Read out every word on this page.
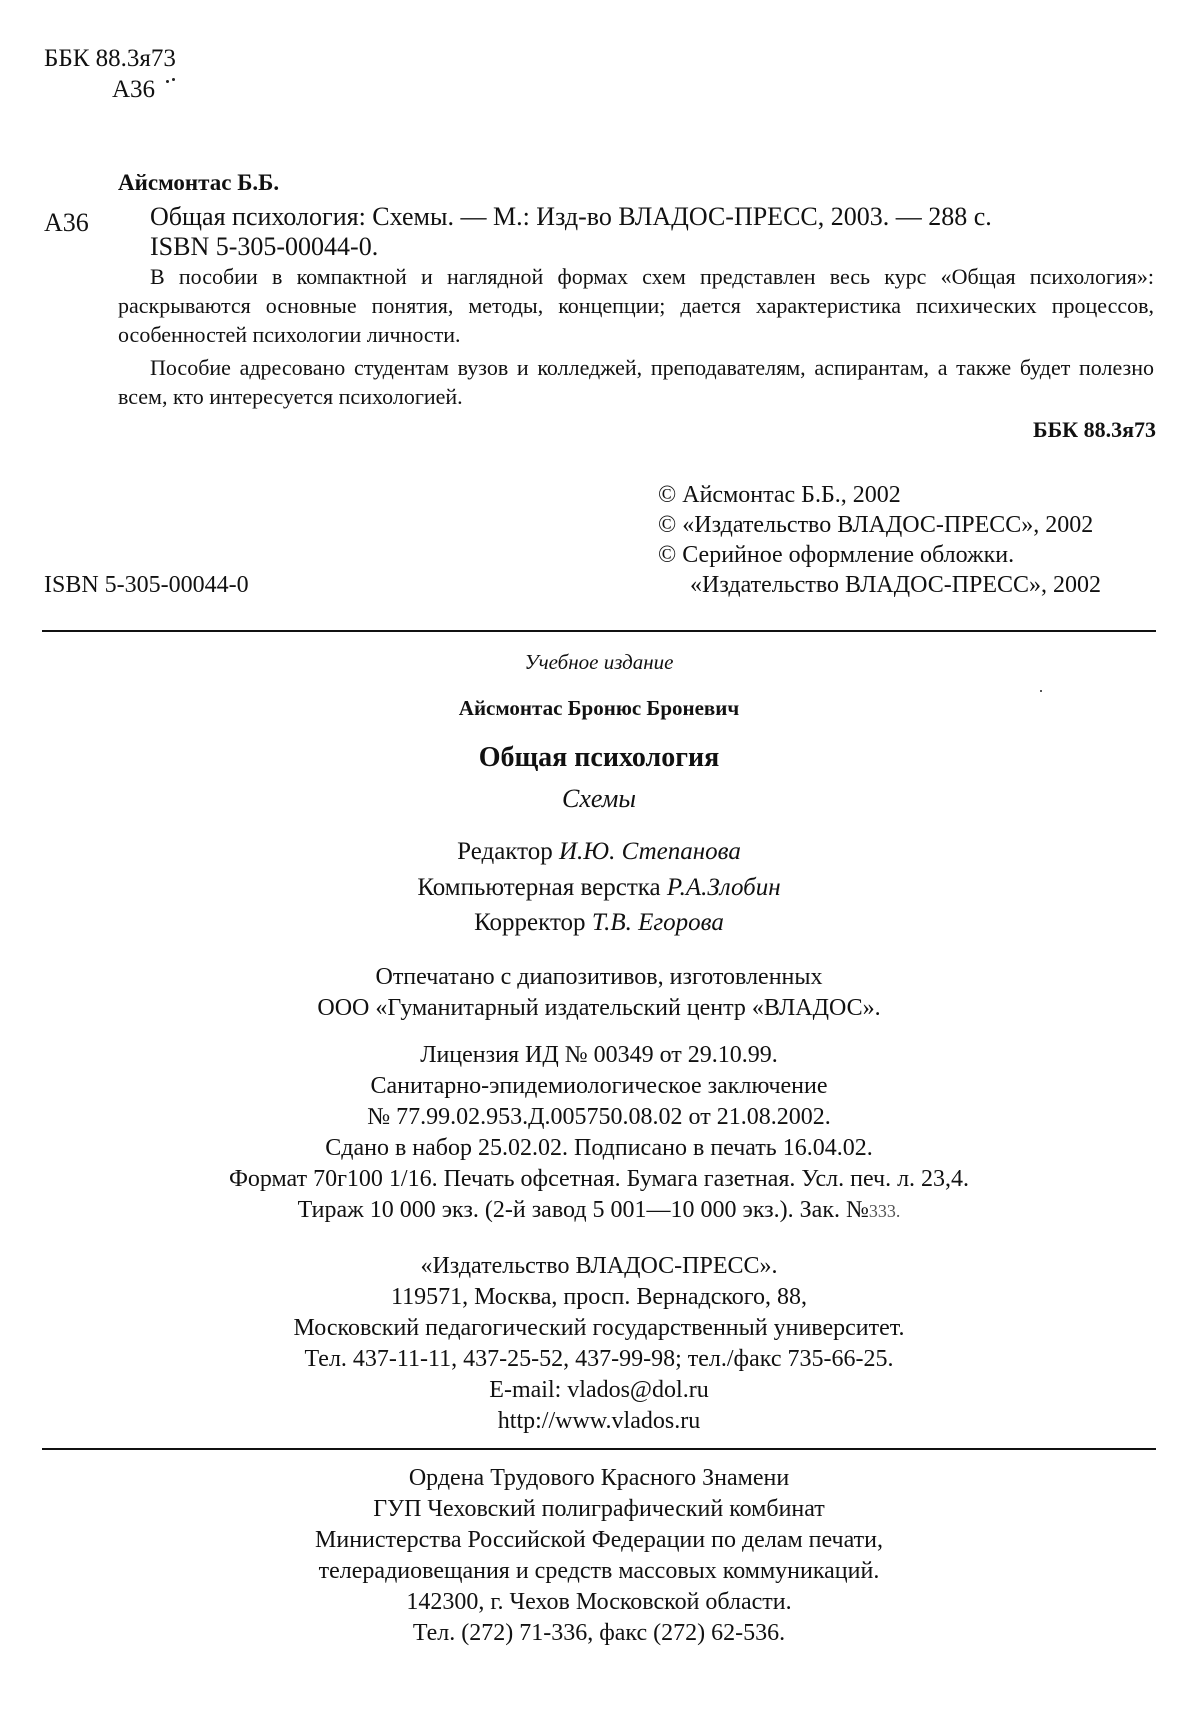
ББК 88.3я73
А36
Айсмонтас Б.Б.
А36 Общая психология: Схемы. — М.: Изд-во ВЛАДОС-ПРЕСС, 2003. — 288 с.
ISBN 5-305-00044-0.
В пособии в компактной и наглядной формах схем представлен весь курс «Общая психология»: раскрываются основные понятия, методы, концепции; дается характеристика психических процессов, особенностей психологии личности.
Пособие адресовано студентам вузов и колледжей, преподавателям, аспирантам, а также будет полезно всем, кто интересуется психологией.
ББК 88.3я73
© Айсмонтас Б.Б., 2002
© «Издательство ВЛАДОС-ПРЕСС», 2002
© Серийное оформление обложки.
«Издательство ВЛАДОС-ПРЕСС», 2002
ISBN 5-305-00044-0
Учебное издание
Айсмонтас Бронюс Броневич
Общая психология
Схемы
Редактор И.Ю. Степанова
Компьютерная верстка Р.А.Злобин
Корректор Т.В. Егорова
Отпечатано с диапозитивов, изготовленных
ООО «Гуманитарный издательский центр «ВЛАДОС».
Лицензия ИД № 00349 от 29.10.99.
Санитарно-эпидемиологическое заключение
№ 77.99.02.953.Д.005750.08.02 от 21.08.2002.
Сдано в набор 25.02.02. Подписано в печать 16.04.02.
Формат 70г100 1/16. Печать офсетная. Бумага газетная. Усл. печ. л. 23,4.
Тираж 10 000 экз. (2-й завод 5 001—10 000 экз.). Зак. №333.
«Издательство ВЛАДОС-ПРЕСС».
119571, Москва, просп. Вернадского, 88,
Московский педагогический государственный университет.
Тел. 437-11-11, 437-25-52, 437-99-98; тел./факс 735-66-25.
E-mail: vlados@dol.ru
http://www.vlados.ru
Ордена Трудового Красного Знамени
ГУП Чеховский полиграфический комбинат
Министерства Российской Федерации по делам печати,
телерадиовещания и средств массовых коммуникаций.
142300, г. Чехов Московской области.
Тел. (272) 71-336, факс (272) 62-536.
